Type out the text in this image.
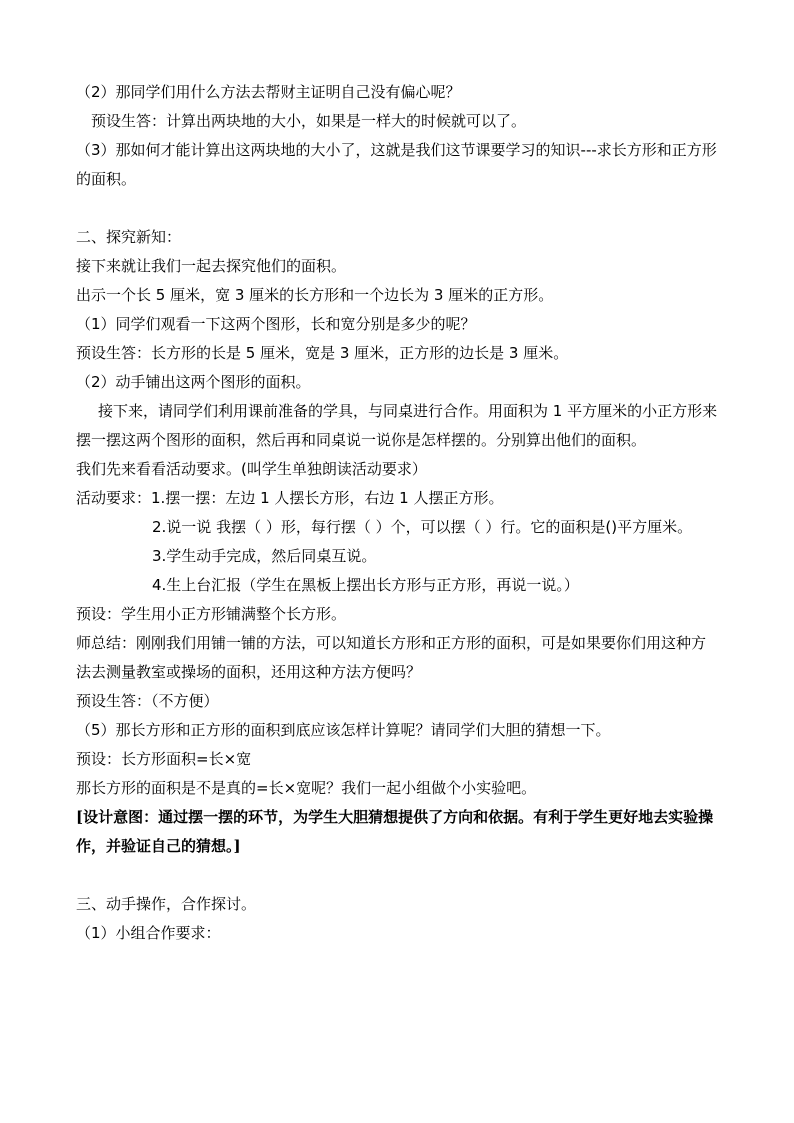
（2）那同学们用什么方法去帮财主证明自己没有偏心呢？

预设生答：计算出两块地的大小，如果是一样大的时候就可以了。

（3）那如何才能计算出这两块地的大小了，这就是我们这节课要学习的知识---求长方形和正方形的面积。

二、探究新知：

接下来就让我们一起去探究他们的面积。

出示一个长 5 厘米，宽 3 厘米的长方形和一个边长为 3 厘米的正方形。

（1）同学们观看一下这两个图形，长和宽分别是多少的呢？

预设生答：长方形的长是 5 厘米，宽是 3 厘米，正方形的边长是 3 厘米。

（2）动手铺出这两个图形的面积。

接下来，请同学们利用课前准备的学具，与同桌进行合作。用面积为 1 平方厘米的小正方形来摆一摆这两个图形的面积，然后再和同桌说一说你是怎样摆的。分别算出他们的面积。

我们先来看看活动要求。(叫学生单独朗读活动要求）

活动要求： 1.摆一摆：左边 1 人摆长方形，右边 1 人摆正方形。

2.说一说 我摆（ ）形，每行摆（ ）个，可以摆（ ）行。它的面积是()平方厘米。

3.学生动手完成，然后同桌互说。

4.生上台汇报（学生在黑板上摆出长方形与正方形，再说一说。）

预设：学生用小正方形铺满整个长方形。

师总结：刚刚我们用铺一铺的方法，可以知道长方形和正方形的面积，可是如果要你们用这种方法去测量教室或操场的面积，还用这种方法方便吗？

预设生答：（不方便）

（5）那长方形和正方形的面积到底应该怎样计算呢？请同学们大胆的猜想一下。

预设：长方形面积=长×宽

那长方形的面积是不是真的=长×宽呢？我们一起小组做个小实验吧。

[设计意图：通过摆一摆的环节，为学生大胆猜想提供了方向和依据。有利于学生更好地去实验操作，并验证自己的猜想。]

三、动手操作，合作探讨。

（1）小组合作要求：
